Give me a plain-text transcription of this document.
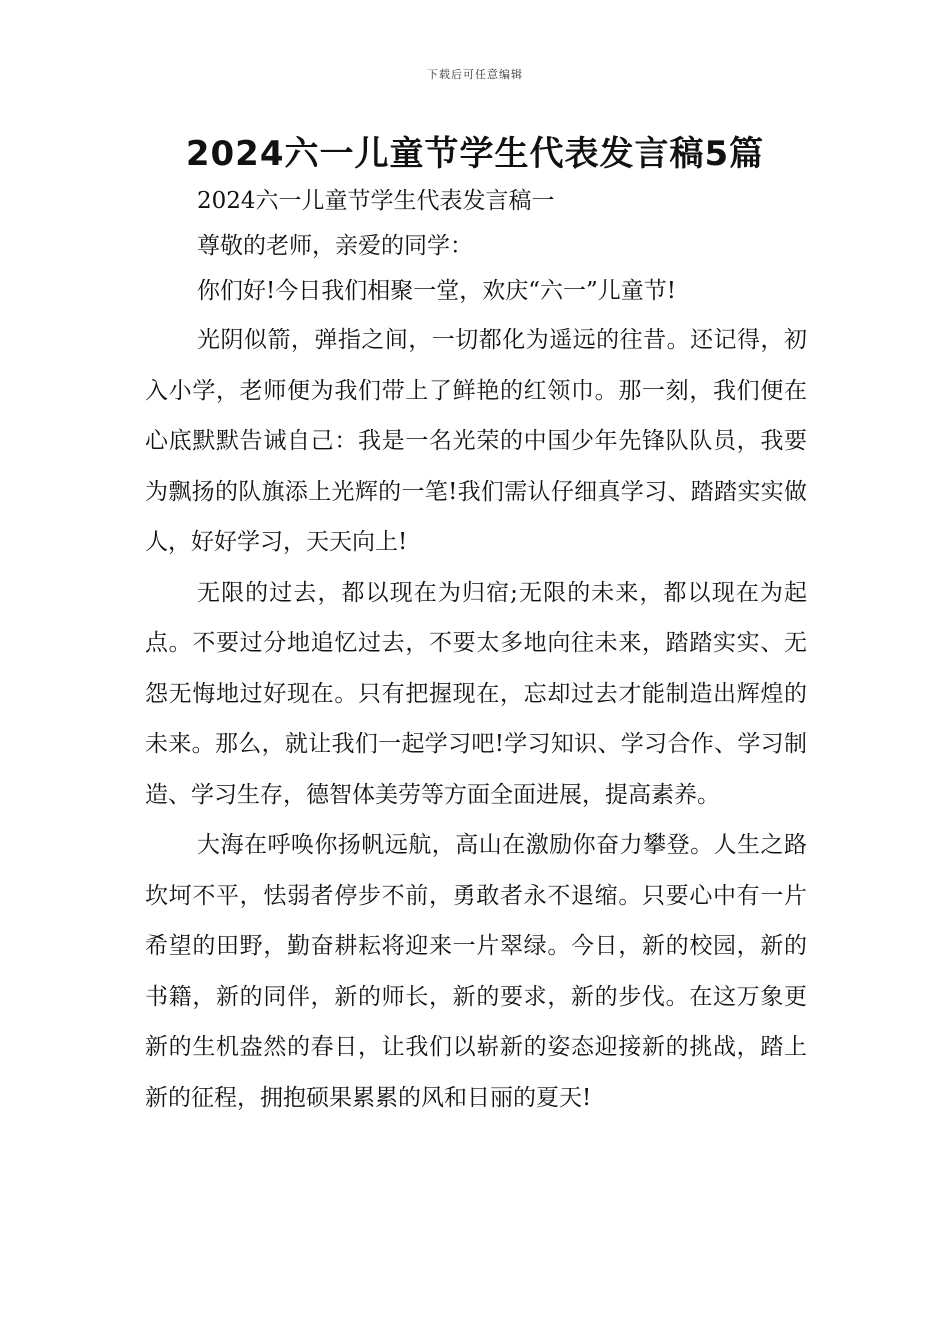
下载后可任意编辑
2024六一儿童节学生代表发言稿5篇

2024六一儿童节学生代表发言稿一

尊敬的老师，亲爱的同学：

你们好!今日我们相聚一堂，欢庆“六一”儿童节!

光阴似箭，弹指之间，一切都化为遥远的往昔。还记得，初入小学，老师便为我们带上了鲜艳的红领巾。那一刻，我们便在心底默默告诫自己：我是一名光荣的中国少年先锋队队员，我要为飘扬的队旗添上光辉的一笔!我们需认仔细真学习、踏踏实实做人，好好学习，天天向上!

无限的过去，都以现在为归宿;无限的未来，都以现在为起点。不要过分地追忆过去，不要太多地向往未来，踏踏实实、无怨无悔地过好现在。只有把握现在，忘却过去才能制造出辉煌的未来。那么，就让我们一起学习吧!学习知识、学习合作、学习制造、学习生存，德智体美劳等方面全面进展，提高素养。

大海在呼唤你扬帆远航，高山在激励你奋力攀登。人生之路坎坷不平，怯弱者停步不前，勇敢者永不退缩。只要心中有一片希望的田野，勤奋耕耘将迎来一片翠绿。今日，新的校园，新的书籍，新的同伴，新的师长，新的要求，新的步伐。在这万象更新的生机盎然的春日，让我们以崭新的姿态迎接新的挑战，踏上新的征程，拥抱硕果累累的风和日丽的夏天!
